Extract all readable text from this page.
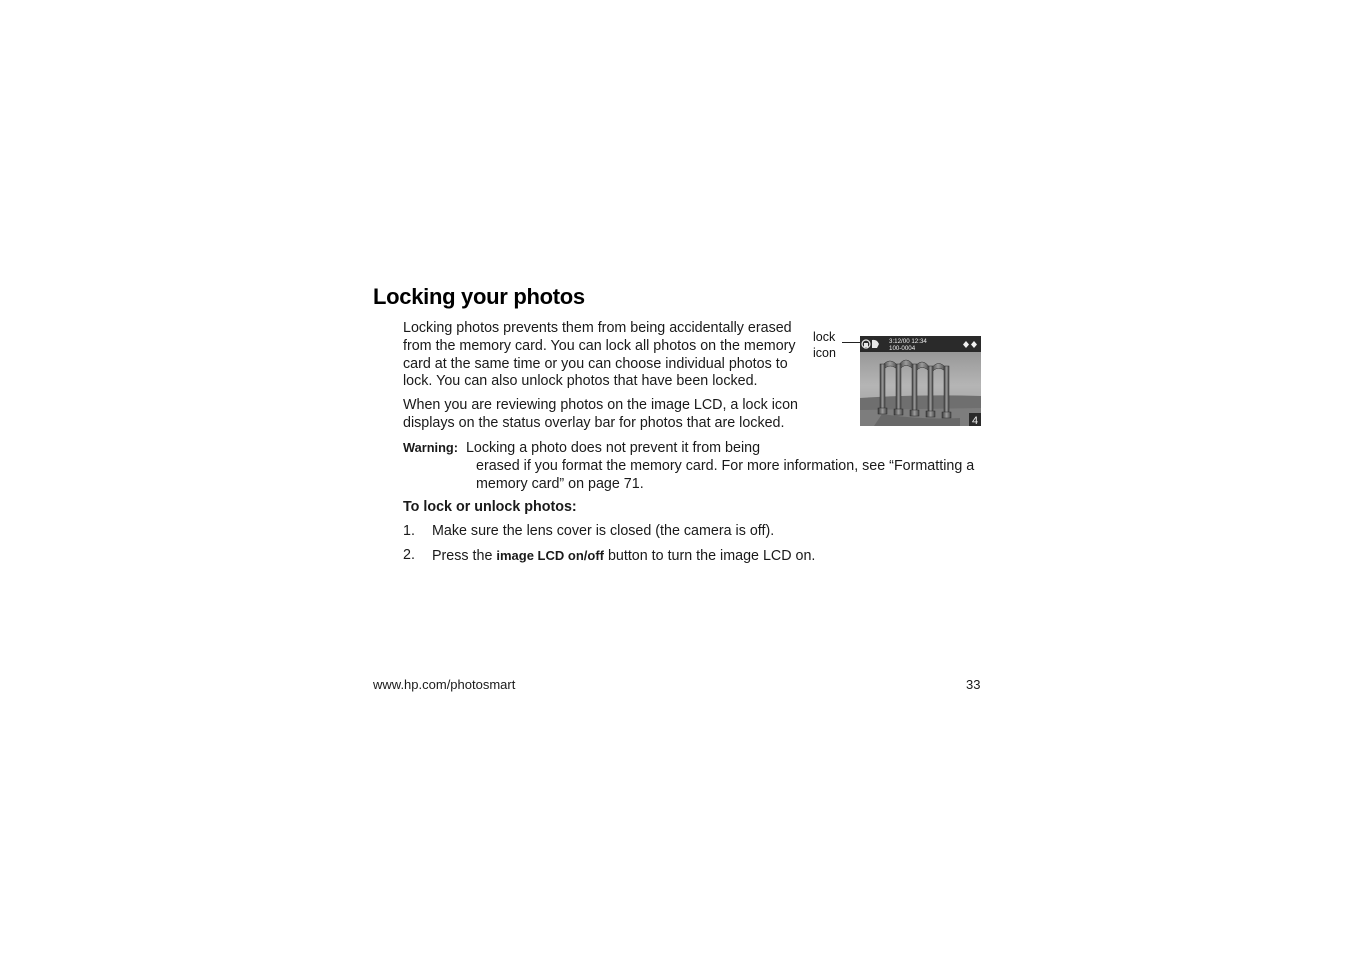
Locking your photos

Locking photos prevents them from being accidentally erased from the memory card. You can lock all photos on the memory card at the same time or you can choose individual photos to lock. You can also unlock photos that have been locked.

When you are reviewing photos on the image LCD, a lock icon displays on the status overlay bar for photos that are locked.

lock
icon
3:12/00 12:34
100-0004
4
Warning: Locking a photo does not prevent it from being
erased if you format the memory card. For more information, see “Formatting a memory card” on page 71.

To lock or unlock photos:

1. Make sure the lens cover is closed (the camera is off).
2. Press the image LCD on/off button to turn the image LCD on.
www.hp.com/photosmart	33
